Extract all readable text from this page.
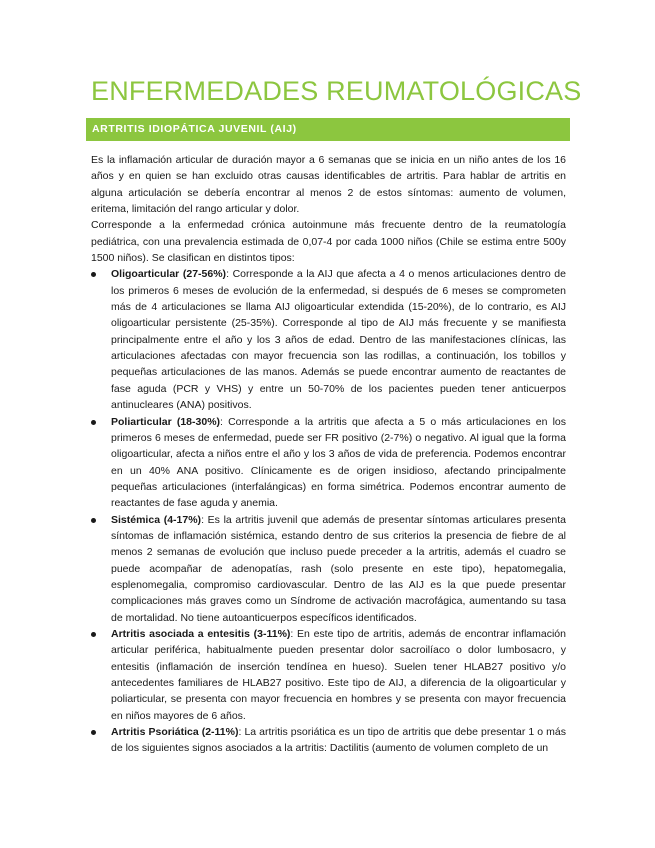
ENFERMEDADES REUMATOLÓGICAS
ARTRITIS IDIOPÁTICA JUVENIL (AIJ)

Es la inflamación articular de duración mayor a 6 semanas que se inicia en un niño antes de los 16 años y en quien se han excluido otras causas identificables de artritis. Para hablar de artritis en alguna articulación se debería encontrar al menos 2 de estos síntomas: aumento de volumen, eritema, limitación del rango articular y dolor.

Corresponde a la enfermedad crónica autoinmune más frecuente dentro de la reumatología pediátrica, con una prevalencia estimada de 0,07-4 por cada 1000 niños (Chile se estima entre 500y 1500 niños). Se clasifican en distintos tipos:

Oligoarticular (27-56%): Corresponde a la AIJ que afecta a 4 o menos articulaciones dentro de los primeros 6 meses de evolución de la enfermedad, si después de 6 meses se comprometen más de 4 articulaciones se llama AIJ oligoarticular extendida (15-20%), de lo contrario, es AIJ oligoarticular persistente (25-35%). Corresponde al tipo de AIJ más frecuente y se manifiesta principalmente entre el año y los 3 años de edad. Dentro de las manifestaciones clínicas, las articulaciones afectadas con mayor frecuencia son las rodillas, a continuación, los tobillos y pequeñas articulaciones de las manos. Además se puede encontrar aumento de reactantes de fase aguda (PCR y VHS) y entre un 50-70% de los pacientes pueden tener anticuerpos antinucleares (ANA) positivos.
Poliarticular (18-30%): Corresponde a la artritis que afecta a 5 o más articulaciones en los primeros 6 meses de enfermedad, puede ser FR positivo (2-7%) o negativo. Al igual que la forma oligoarticular, afecta a niños entre el año y los 3 años de vida de preferencia. Podemos encontrar en un 40% ANA positivo. Clínicamente es de origen insidioso, afectando principalmente pequeñas articulaciones (interfalángicas) en forma simétrica. Podemos encontrar aumento de reactantes de fase aguda y anemia.
Sistémica (4-17%): Es la artritis juvenil que además de presentar síntomas articulares presenta síntomas de inflamación sistémica, estando dentro de sus criterios la presencia de fiebre de al menos 2 semanas de evolución que incluso puede preceder a la artritis, además el cuadro se puede acompañar de adenopatías, rash (solo presente en este tipo), hepatomegalia, esplenomegalia, compromiso cardiovascular. Dentro de las AIJ es la que puede presentar complicaciones más graves como un Síndrome de activación macrofágica, aumentando su tasa de mortalidad. No tiene autoanticuerpos específicos identificados.
Artritis asociada a entesitis (3-11%): En este tipo de artritis, además de encontrar inflamación articular periférica, habitualmente pueden presentar dolor sacroilíaco o dolor lumbosacro, y entesitis (inflamación de inserción tendínea en hueso). Suelen tener HLAB27 positivo y/o antecedentes familiares de HLAB27 positivo. Este tipo de AIJ, a diferencia de la oligoarticular y poliarticular, se presenta con mayor frecuencia en hombres y se presenta con mayor frecuencia en niños mayores de 6 años.
Artritis Psoriática (2-11%): La artritis psoriática es un tipo de artritis que debe presentar 1 o más de los siguientes signos asociados a la artritis: Dactilitis (aumento de volumen completo de un
